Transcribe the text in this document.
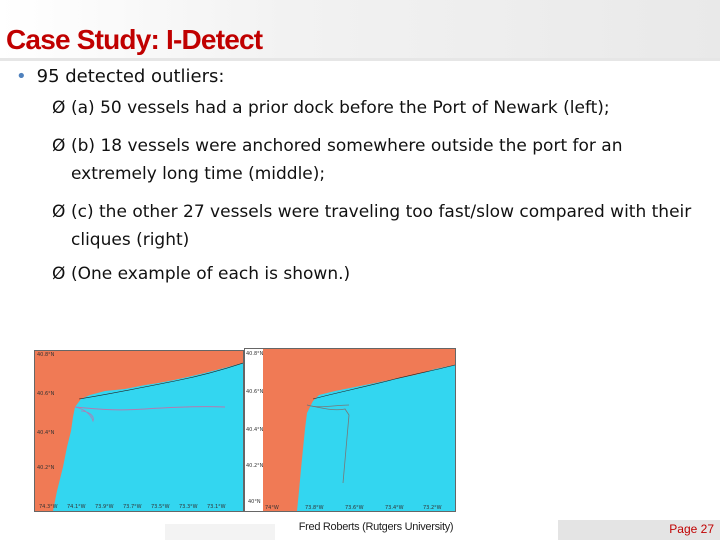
Case Study: I-Detect
• 95 detected outliers:
Ø (a) 50 vessels had a prior dock before the Port of Newark (left);
Ø (b) 18 vessels were anchored somewhere outside the port for an extremely long time (middle);
Ø (c) the other 27 vessels were traveling too fast/slow compared with their cliques (right)
Ø (One example of each is shown.)
40.8°N
40.6°N
40.4°N
40.2°N
74.3°W 74.1°W 73.9°W 73.7°W 73.5°W 73.3°W 73.1°W
40.8°N
40.6°N
40.4°N
40.2°N
40°N
74°W	73.8°W	73.6°W	73.4°W	73.2°W
Fred Roberts (Rutgers University)	Page 27
